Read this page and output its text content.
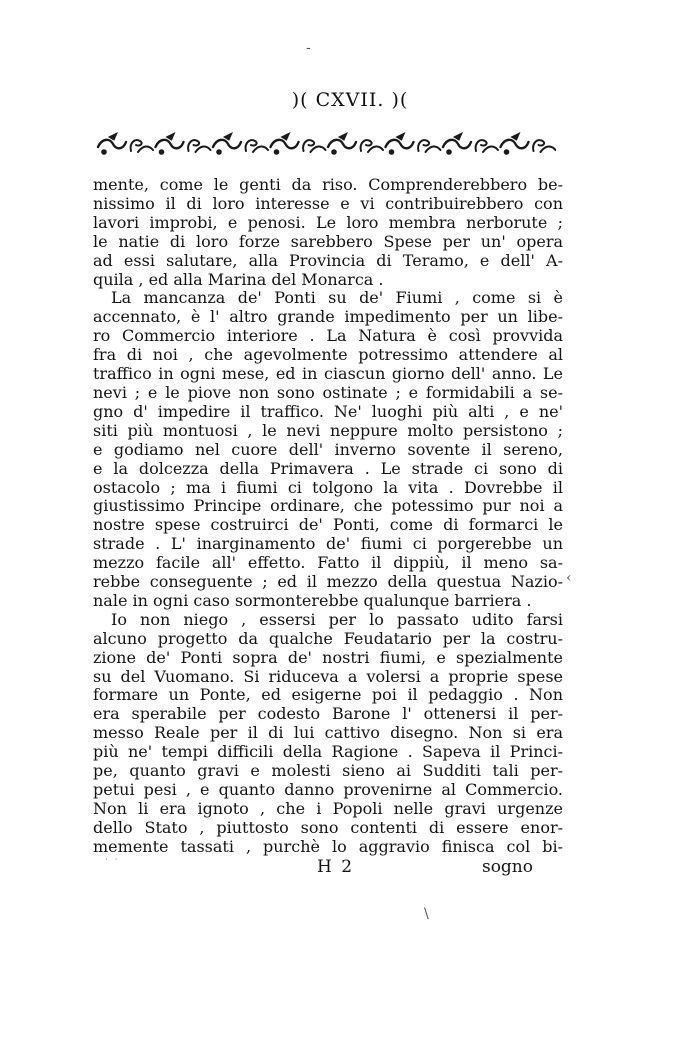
)( CXVII. )(
mente, come le genti da riso. Comprenderebbero be-
nissimo il di loro interesse e vi contribuirebbero con
lavori improbi, e penosi. Le loro membra nerborute ;
le natie di loro forze sarebbero Spese per un' opera
ad essi salutare, alla Provincia di Teramo, e dell' A-
quila , ed alla Marina del Monarca .
La mancanza de' Ponti su de' Fiumi , come si è
accennato, è l' altro grande impedimento per un libe-
ro Commercio interiore . La Natura è così provvida
fra di noi , che agevolmente potressimo attendere al
traffico in ogni mese, ed in ciascun giorno dell' anno. Le
nevi ; e le piove non sono ostinate ; e formidabili a se-
gno d' impedire il traffico. Ne' luoghi più alti , e ne'
siti più montuosi , le nevi neppure molto persistono ;
e godiamo nel cuore dell' inverno sovente il sereno,
e la dolcezza della Primavera . Le strade ci sono di
ostacolo ; ma i fiumi ci tolgono la vita . Dovrebbe il
giustissimo Principe ordinare, che potessimo pur noi a
nostre spese costruirci de' Ponti, come di formarci le
strade . L' inarginamento de' fiumi ci porgerebbe un
mezzo facile all' effetto. Fatto il dippiù, il meno sa-
rebbe conseguente ; ed il mezzo della questua Nazio-
nale in ogni caso sormonterebbe qualunque barriera .
Io non niego , essersi per lo passato udito farsi
alcuno progetto da qualche Feudatario per la costru-
zione de' Ponti sopra de' nostri fiumi, e spezialmente
su del Vuomano. Si riduceva a volersi a proprie spese
formare un Ponte, ed esigerne poi il pedaggio . Non
era sperabile per codesto Barone l' ottenersi il per-
messo Reale per il di lui cattivo disegno. Non si era
più ne' tempi difficili della Ragione . Sapeva il Princi-
pe, quanto gravi e molesti sieno ai Sudditi tali per-
petui pesi , e quanto danno provenirne al Commercio.
Non li era ignoto , che i Popoli nelle gravi urgenze
dello Stato , piuttosto sono contenti di essere enor-
memente tassati , purchè lo aggravio finisca col bi-
· ·	H 2	sogno
-
‹
\
